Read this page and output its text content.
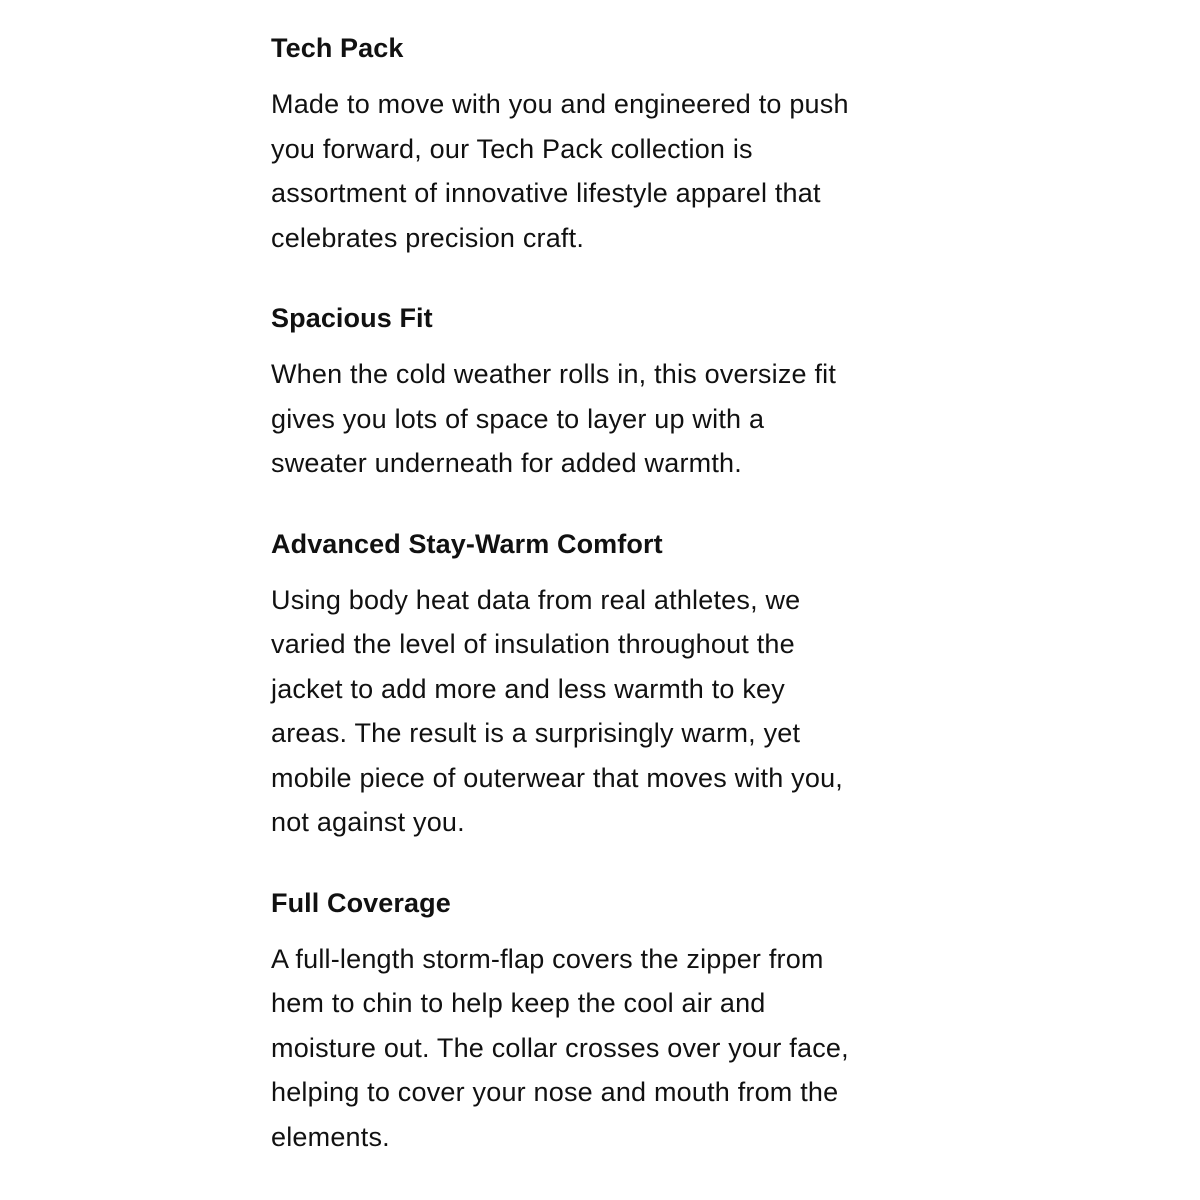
Tech Pack

Made to move with you and engineered to push
you forward, our Tech Pack collection is
assortment of innovative lifestyle apparel that
celebrates precision craft.

Spacious Fit

When the cold weather rolls in, this oversize fit
gives you lots of space to layer up with a
sweater underneath for added warmth.

Advanced Stay-Warm Comfort

Using body heat data from real athletes, we
varied the level of insulation throughout the
jacket to add more and less warmth to key
areas. The result is a surprisingly warm, yet
mobile piece of outerwear that moves with you,
not against you.

Full Coverage

A full-length storm-flap covers the zipper from
hem to chin to help keep the cool air and
moisture out. The collar crosses over your face,
helping to cover your nose and mouth from the
elements.
